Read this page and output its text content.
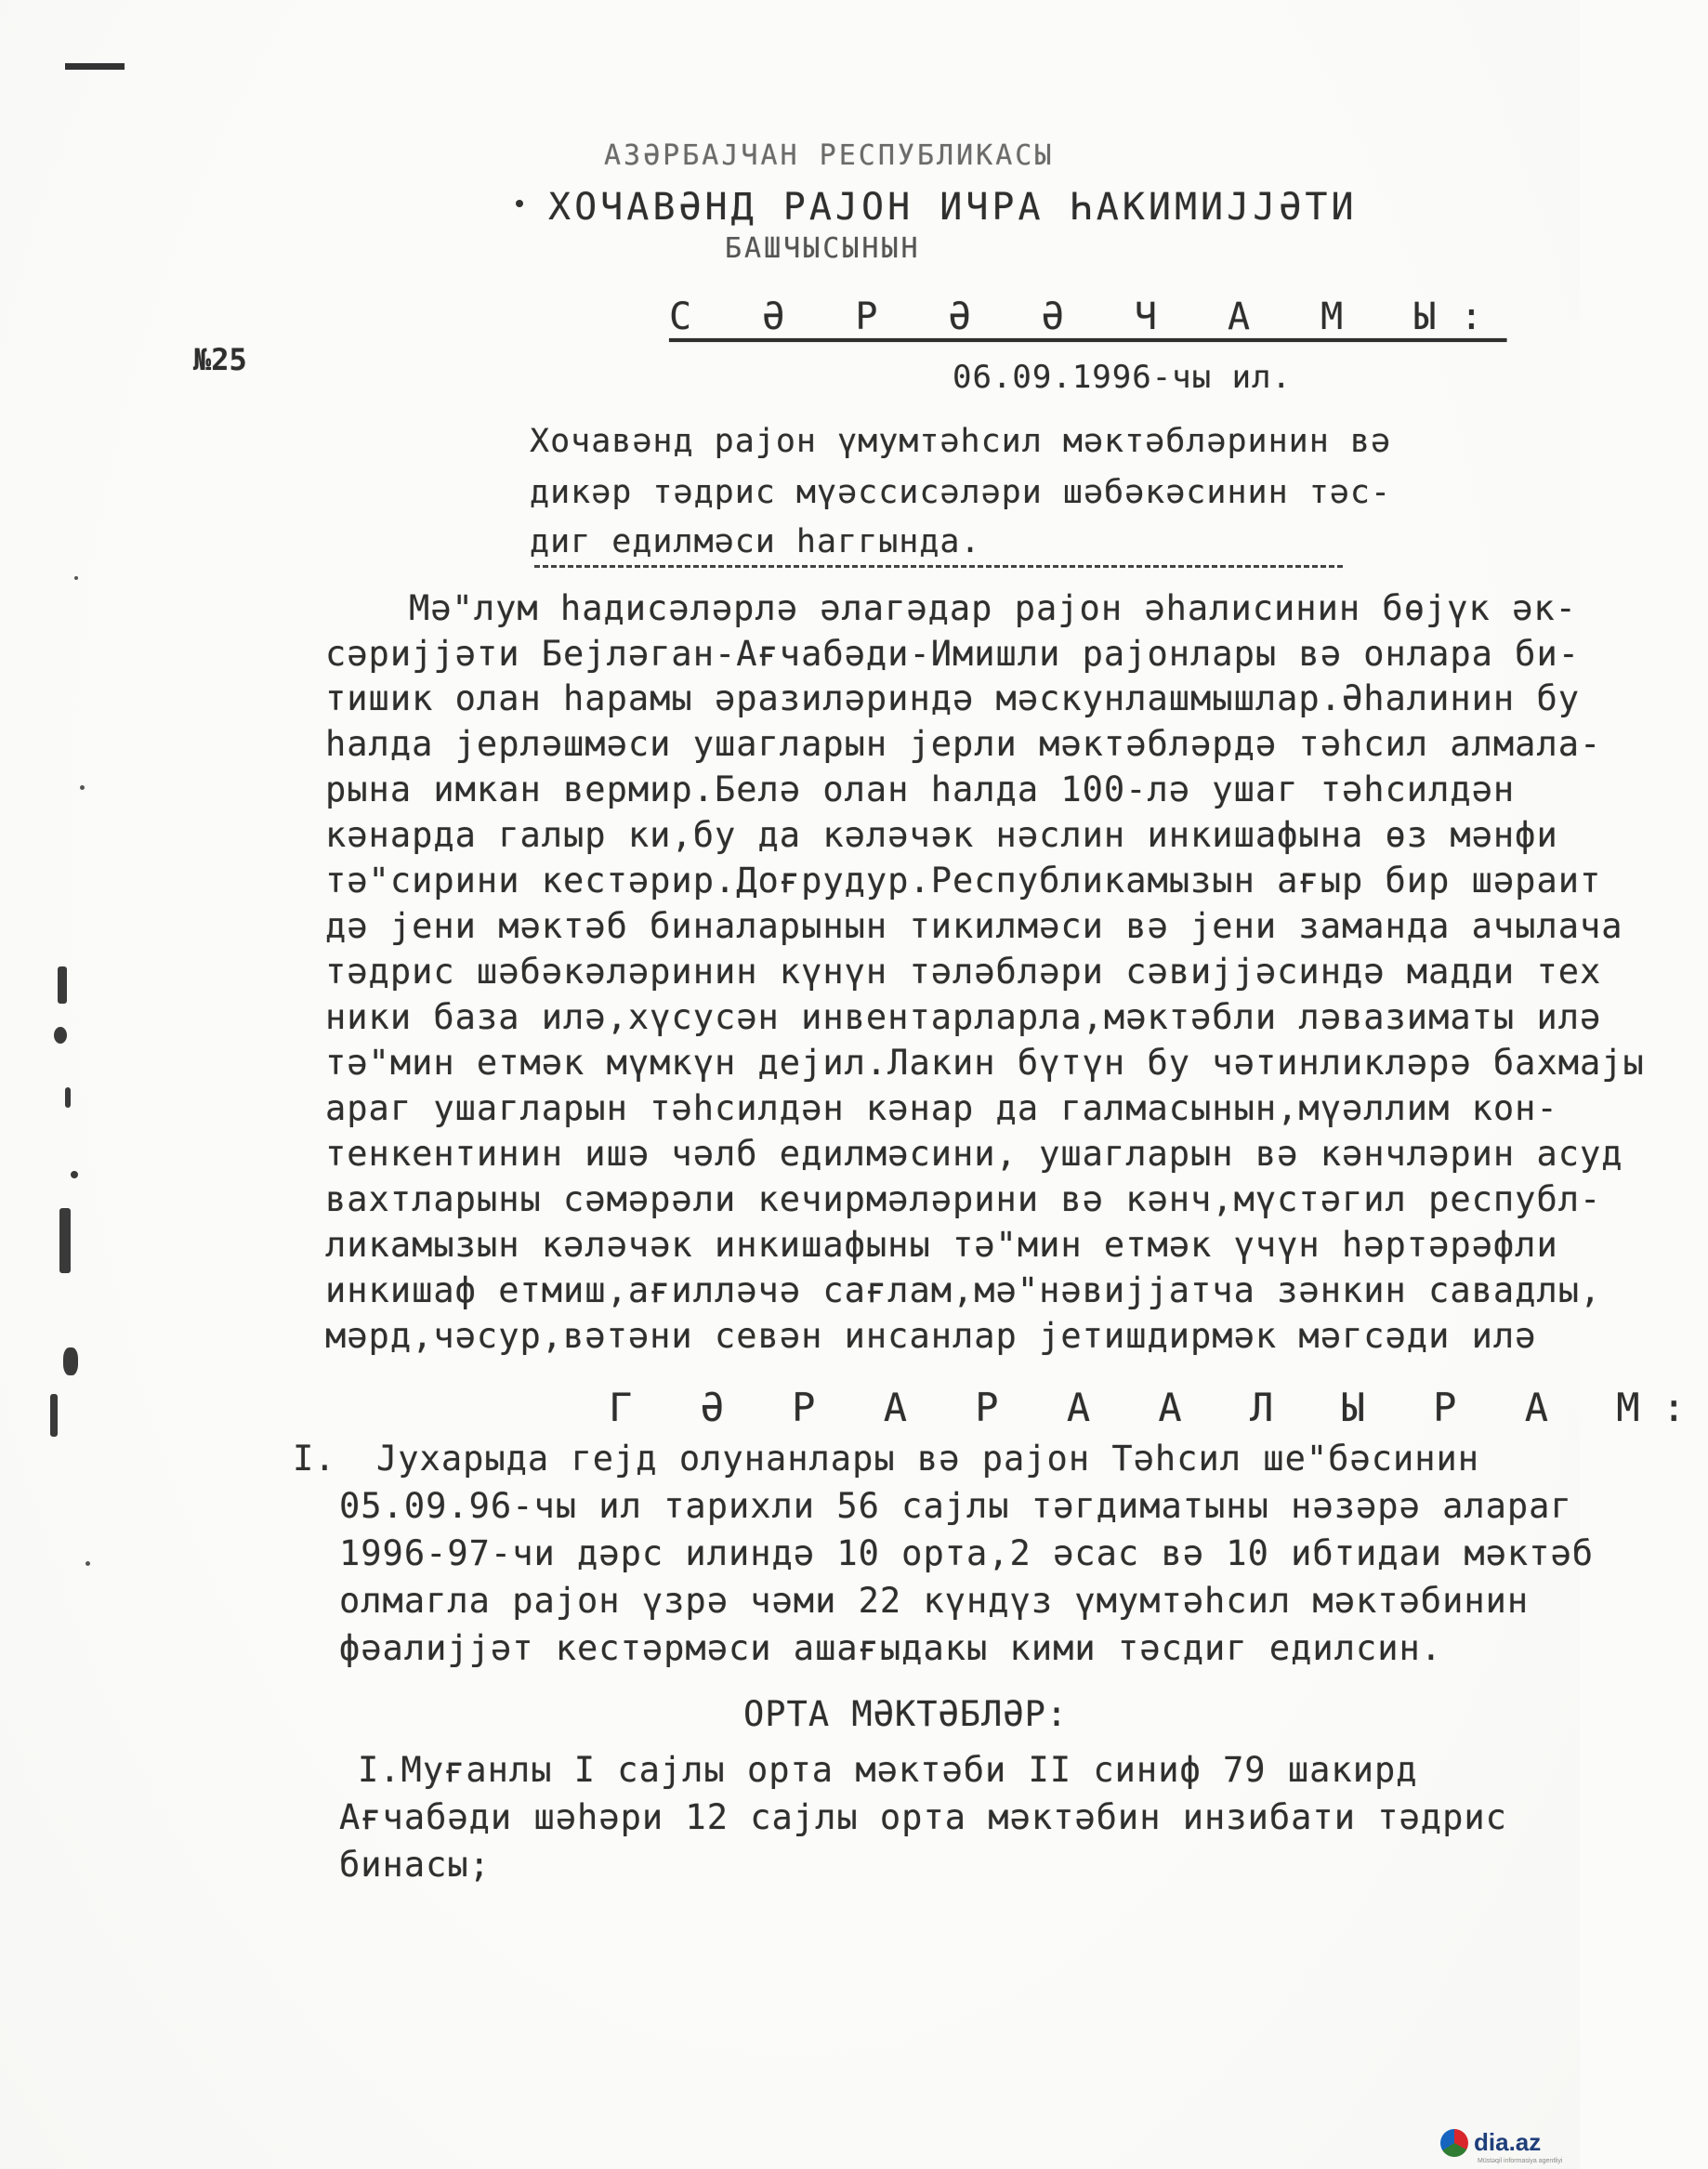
АЗӘРБАЈЧАН РЕСПУБЛИКАСЫ
ХОЧАВӘНД РАЈОН ИЧРА ҺАКИМИЈЈӘТИ
БАШЧЫСЫНЫН
С Ә Р Ә Ә Ч А М Ы:
№25	06.09.1996-чы ил.
Хочавәнд рајон үмумтәһсил мәктәбләринин вә
дикәр тәдрис мүәссисәләри шәбәкәсинин тәс-
диг едилмәси һаггында.
Мә"лум һадисәләрлә әлагәдар рајон әһалисинин бөјүк әк-
сәријјәти Бејләган-Ағчабәди-Имишли рајонлары вә онлара би-
тишик олан һарамы әразиләриндә мәскунлашмышлар.Әһалинин бу
һалда јерләшмәси ушагларын јерли мәктәбләрдә тәһсил алмала-
рына имкан вермир.Белә олан һалда 100-лә ушаг тәһсилдән
кәнарда галыр ки,бу да кәләчәк нәслин инкишафына өз мәнфи
тә"сирини кестәрир.Доғрудур.Республикамызын ағыр бир шәраит
дә јени мәктәб биналарынын тикилмәси вә јени заманда ачылача
тәдрис шәбәкәләринин күнүн тәләбләри сәвијјәсиндә мадди тех
ники база илә,хүсусән инвентарларла,мәктәбли ләвазиматы илә
тә"мин етмәк мүмкүн дејил.Лакин бүтүн бу чәтинликләрә бахмајы
араг ушагларын тәһсилдән кәнар да галмасынын,мүәллим кон-
тенкентинин ишә чәлб едилмәсини, ушагларын вә кәнчләрин асуд
вахтларыны сәмәрәли кечирмәләрини вә кәнч,мүстәгил республ-
ликамызын кәләчәк инкишафыны тә"мин етмәк үчүн һәртәрәфли
инкишаф етмиш,ағилләчә сағлам,мә"нәвијјатча зәнкин савадлы,
мәрд,чәсур,вәтәни севән инсанлар јетишдирмәк мәгсәди илә
Г Ә Р А Р А А Л Ы Р А М:
I. Јухарыда гејд олунанлары вә рајон Тәһсил ше"бәсинин
05.09.96-чы ил тарихли 56 сајлы тәгдиматыны нәзәрә алараг
1996-97-чи дәрс илиндә 10 орта,2 әсас вә 10 ибтидаи мәктәб
олмагла рајон үзрә чәми 22 күндүз үмумтәһсил мәктәбинин
фәалијјәт кестәрмәси ашағыдакы кими тәсдиг едилсин.
ОРТА МӘКТӘБЛӘР:
I.Муғанлы I сајлы орта мәктәби II синиф 79 шакирд
Ағчабәди шәһәри 12 сајлы орта мәктәбин инзибати тәдрис
бинасы;
dia.az
Müstəqil informasiya agentliyi
